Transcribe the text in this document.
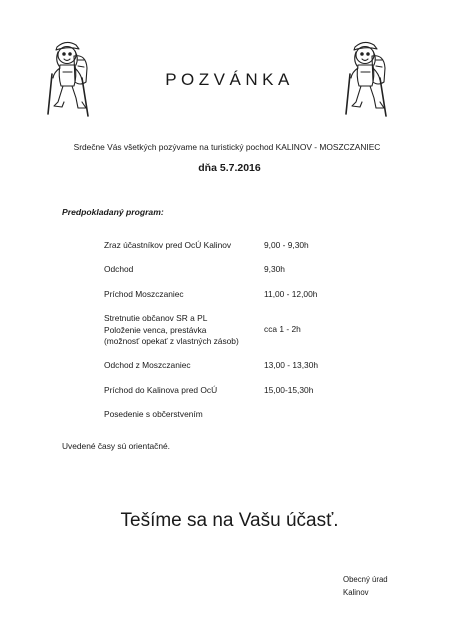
POZVÁNKA
Srdečne Vás všetkých pozývame na turistický pochod KALINOV - MOSZCZANIEC
dňa 5.7.2016
Predpokladaný program:
Zraz účastníkov pred OcÚ Kalinov	9,00 - 9,30h
Odchod	9,30h
Príchod Moszczaniec	11,00 - 12,00h
Stretnutie občanov SR a PL
Položenie venca, prestávka
(možnosť opekať z vlastných zásob)
cca 1 - 2h
Odchod z Moszczaniec	13,00 - 13,30h
Príchod do Kalinova pred OcÚ	15,00-15,30h
Posedenie s občerstvením
Uvedené časy sú orientačné.
Tešíme sa na Vašu účasť.
Obecný úrad
Kalinov
